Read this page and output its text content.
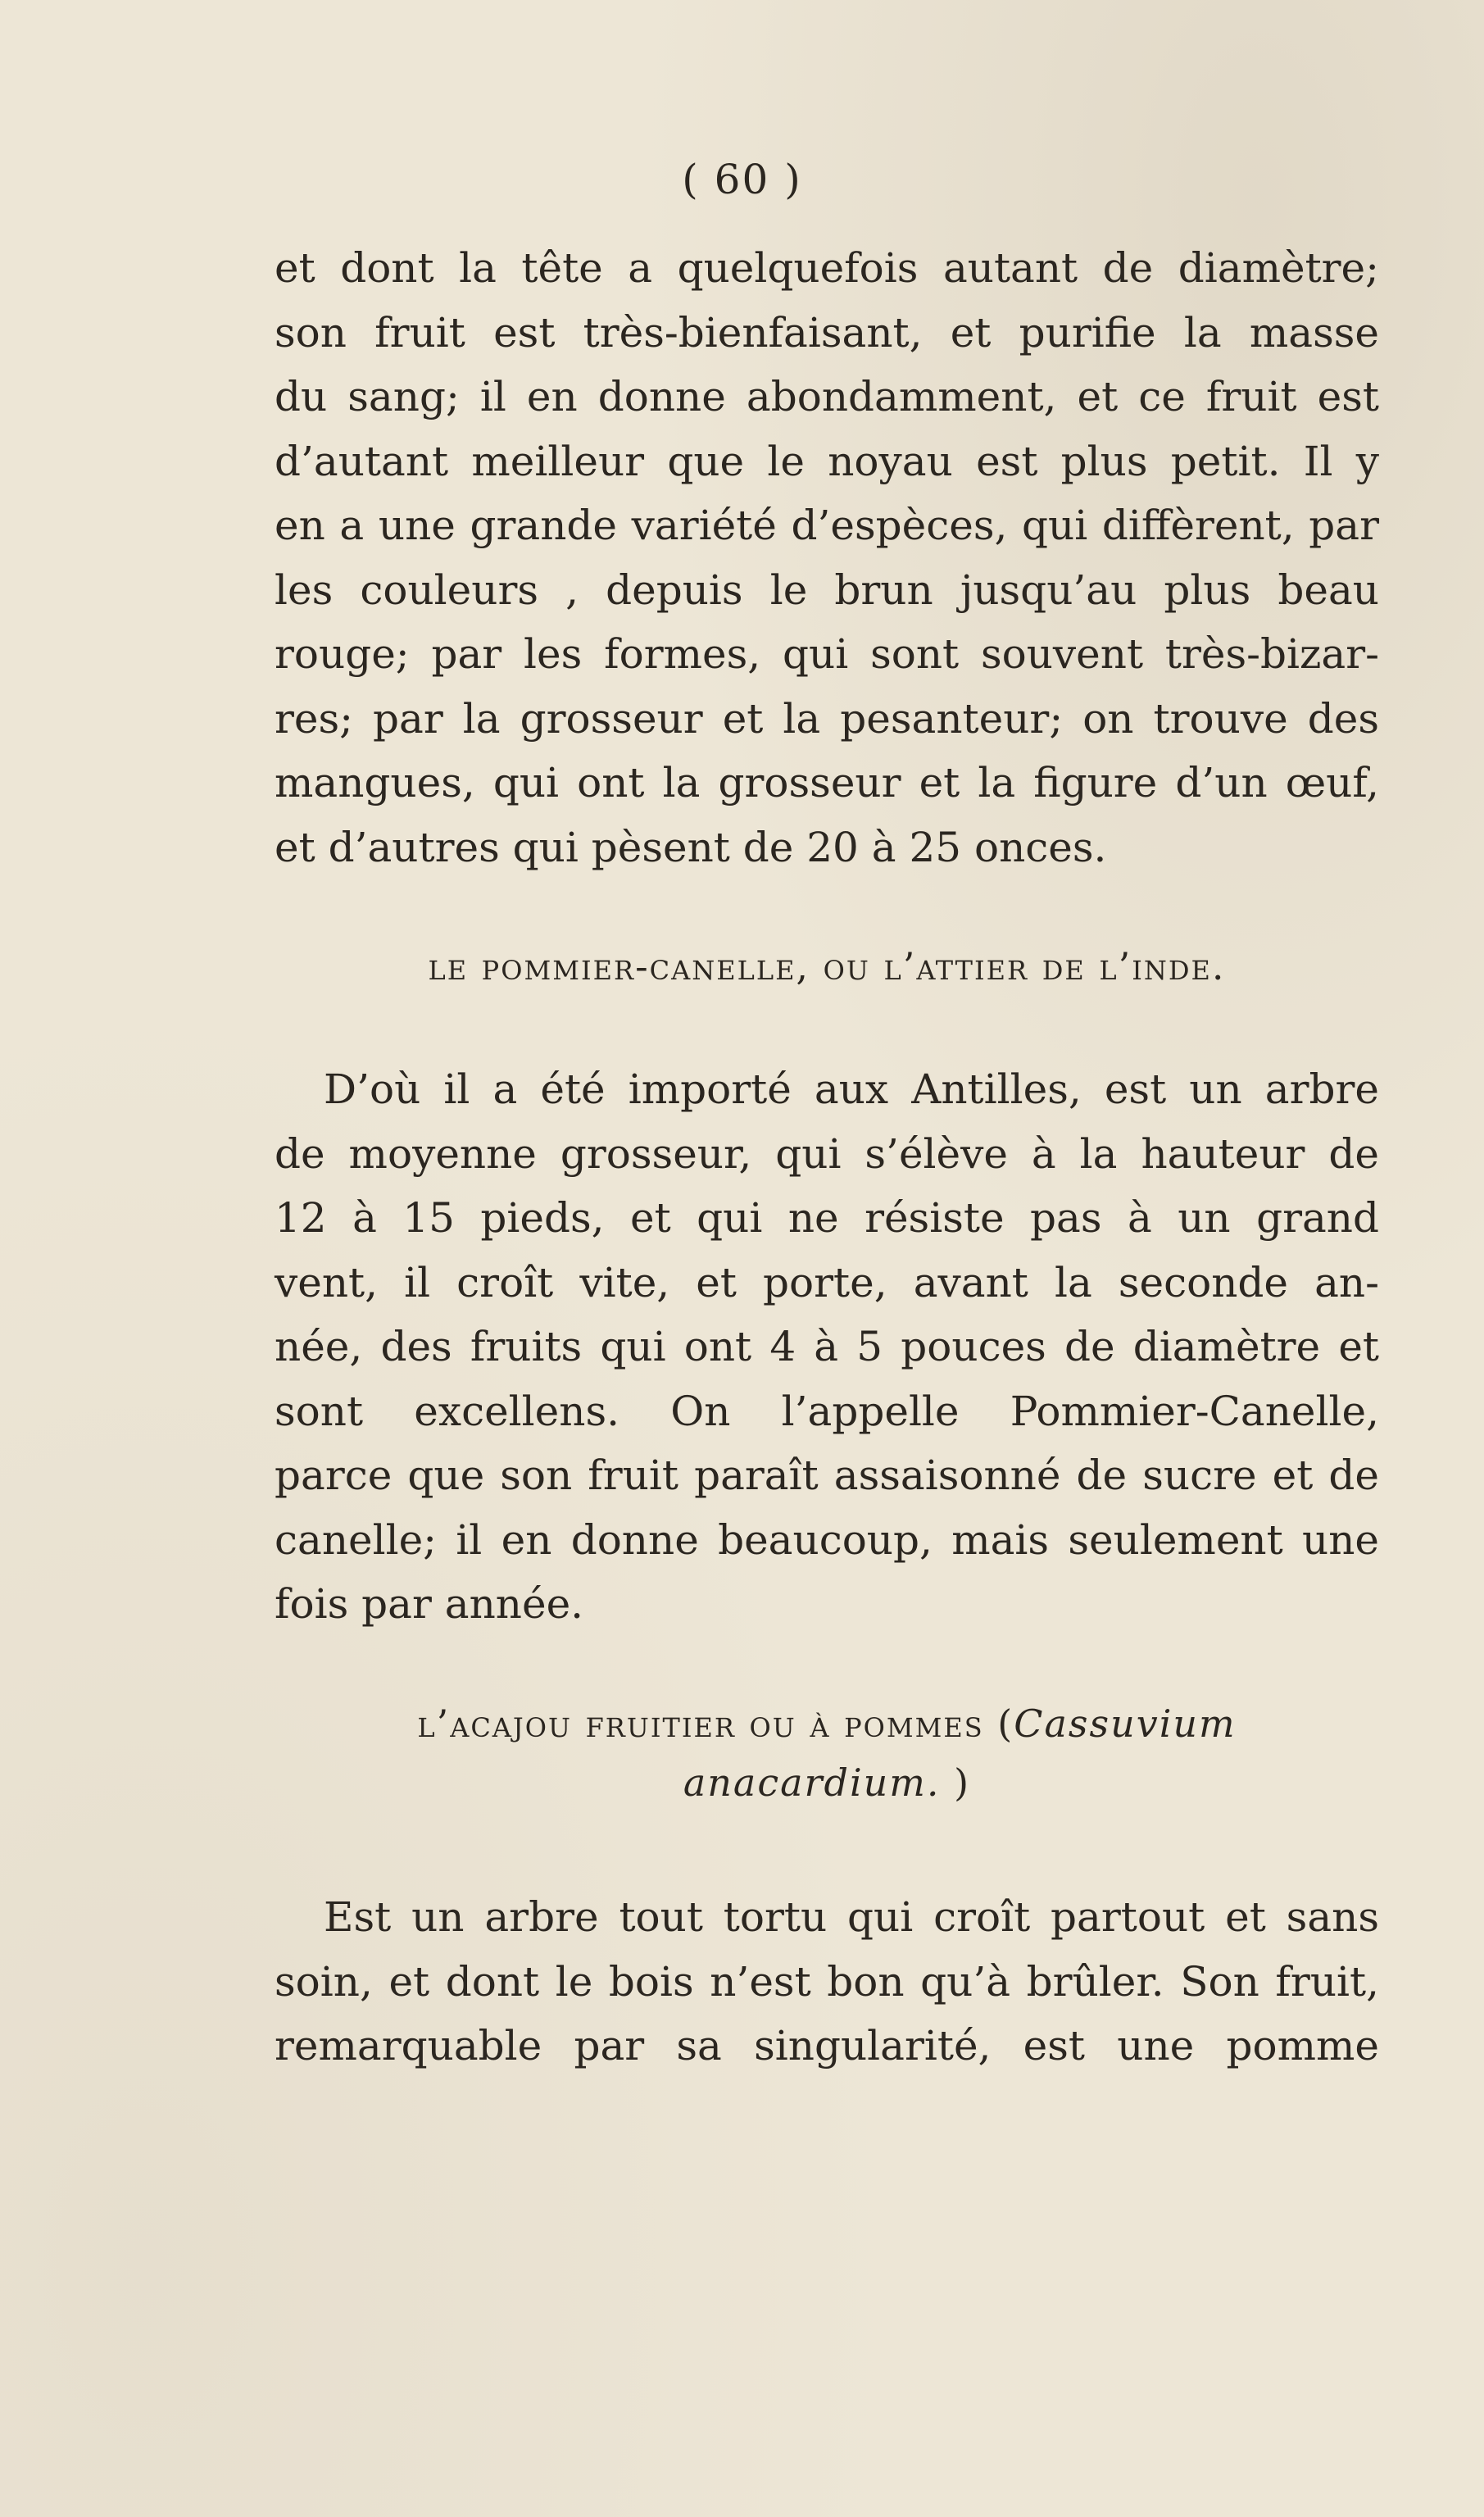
( 60 )
et dont la tête a quelquefois autant de diamètre;
son fruit est très-bienfaisant, et purifie la masse
du sang; il en donne abondamment, et ce fruit est
d’autant meilleur que le noyau est plus petit. Il y
en a une grande variété d’espèces, qui diffèrent, par
les couleurs , depuis le brun jusqu’au plus beau
rouge; par les formes, qui sont souvent très-bizar-
res; par la grosseur et la pesanteur; on trouve des
mangues, qui ont la grosseur et la figure d’un œuf,
et d’autres qui pèsent de 20 à 25 onces.
le pommier-canelle, ou l’attier de l’inde.
D’où il a été importé aux Antilles, est un arbre
de moyenne grosseur, qui s’élève à la hauteur de
12 à 15 pieds, et qui ne résiste pas à un grand
vent, il croît vite, et porte, avant la seconde an-
née, des fruits qui ont 4 à 5 pouces de diamètre et
sont excellens. On l’appelle Pommier-Canelle,
parce que son fruit paraît assaisonné de sucre et de
canelle; il en donne beaucoup, mais seulement une
fois par année.
l’acajou fruitier ou à pommes (Cassuvium
anacardium. )
Est un arbre tout tortu qui croît partout et sans
soin, et dont le bois n’est bon qu’à brûler. Son fruit,
remarquable par sa singularité, est une pomme
